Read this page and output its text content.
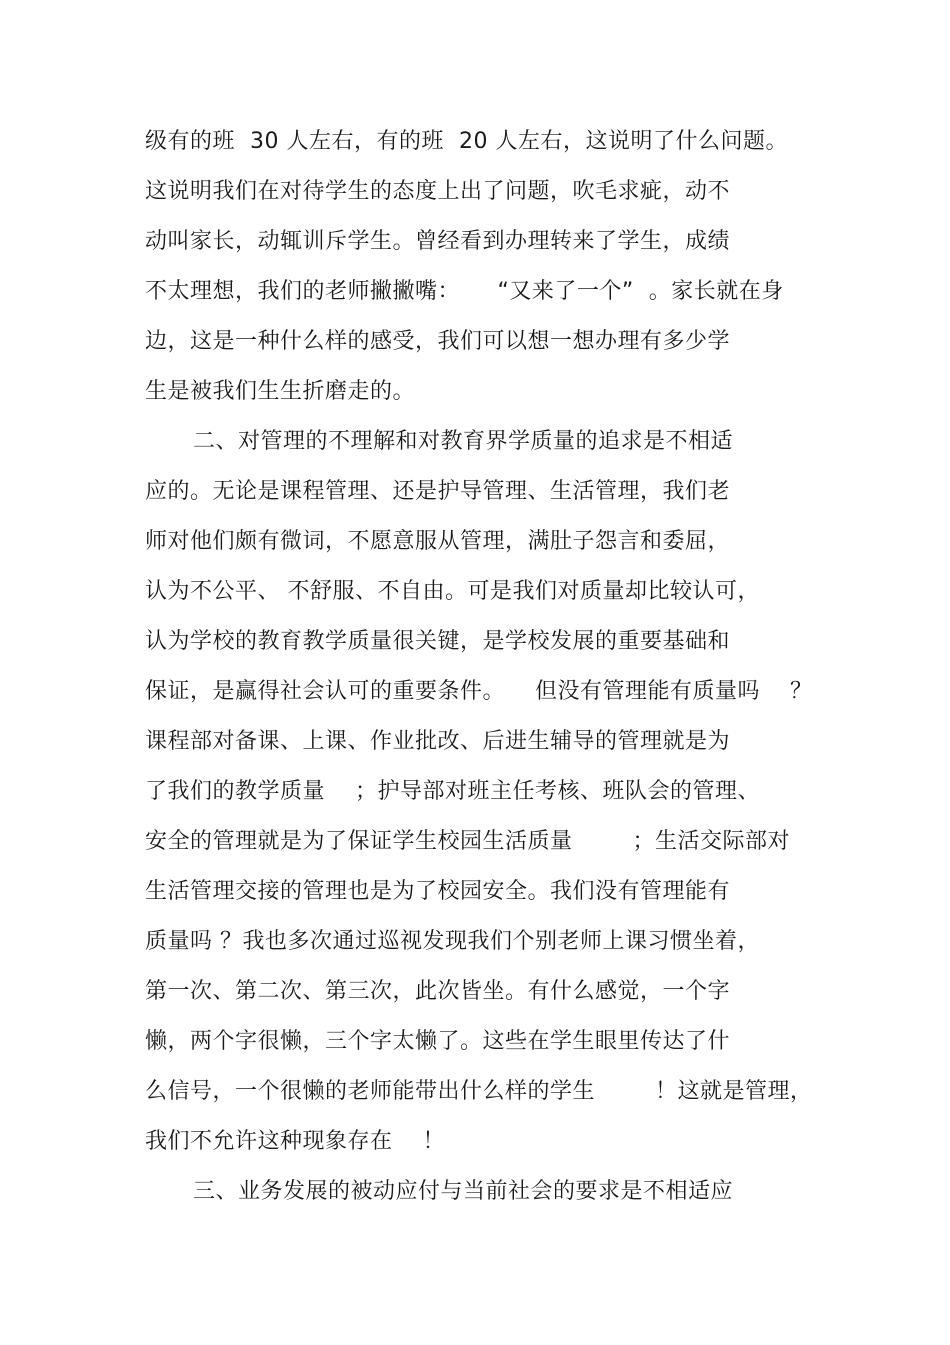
级有的班  30 人左右，有的班  20 人左右，这说明了什么问题。
这说明我们在对待学生的态度上出了问题，吹毛求疵，动不
动叫家长，动辄训斥学生。曾经看到办理转来了学生，成绩
不太理想，我们的老师撇撇嘴：     “又来了一个”  。家长就在身
边，这是一种什么样的感受，我们可以想一想办理有多少学
生是被我们生生折磨走的。
二、对管理的不理解和对教育界学质量的追求是不相适
应的。无论是课程管理、还是护导管理、生活管理，我们老
师对他们颇有微词，不愿意服从管理，满肚子怨言和委屈，
认为不公平、 不舒服、不自由。可是我们对质量却比较认可，
认为学校的教育教学质量很关键，是学校发展的重要基础和
保证，是赢得社会认可的重要条件。    但没有管理能有质量吗    ？
课程部对备课、上课、作业批改、后进生辅导的管理就是为
了我们的教学质量    ；护导部对班主任考核、班队会的管理、
安全的管理就是为了保证学生校园生活质量        ；生活交际部对
生活管理交接的管理也是为了校园安全。我们没有管理能有
质量吗 ？我也多次通过巡视发现我们个别老师上课习惯坐着，
第一次、第二次、第三次，此次皆坐。有什么感觉，一个字
懒，两个字很懒，三个字太懒了。这些在学生眼里传达了什
么信号，一个很懒的老师能带出什么样的学生        ！这就是管理，
我们不允许这种现象存在    ！
三、业务发展的被动应付与当前社会的要求是不相适应
